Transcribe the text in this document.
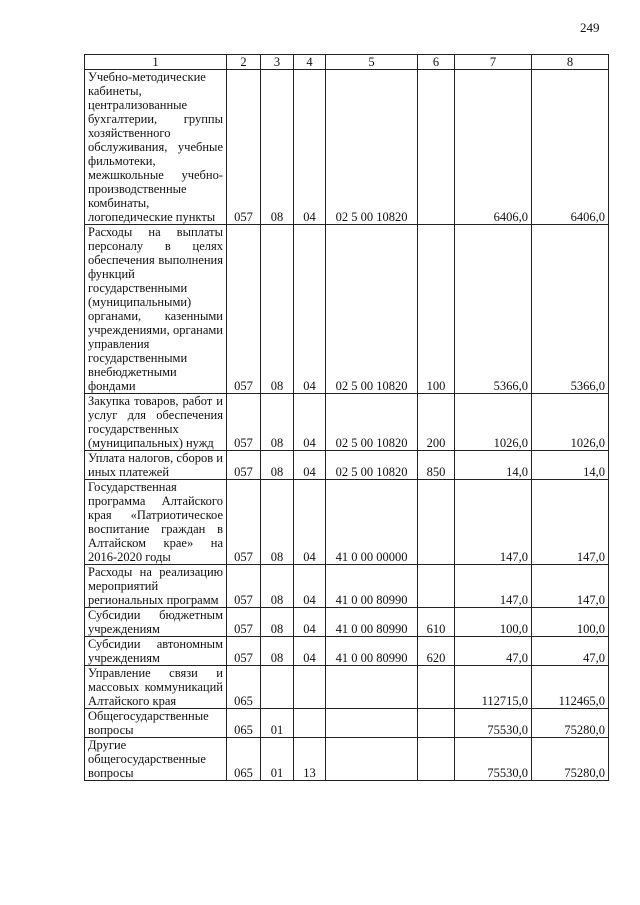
249
1	2	3	4	5	6	7	8
Учебно-методические кабинеты, централизованные бухгалтерии, группы хозяйственного обслуживания, учебные фильмотеки, межшкольные учебно-производственные комбинаты, логопедические пункты	057	08	04	02 5 00 10820		6406,0	6406,0
Расходы на выплаты персоналу в целях обеспечения выполнения функций государственными (муниципальными) органами, казенными учреждениями, органами управления государственными внебюджетными фондами	057	08	04	02 5 00 10820	100	5366,0	5366,0
Закупка товаров, работ и услуг для обеспечения государственных (муниципальных) нужд	057	08	04	02 5 00 10820	200	1026,0	1026,0
Уплата налогов, сборов и иных платежей	057	08	04	02 5 00 10820	850	14,0	14,0
Государственная программа Алтайского края «Патриотическое воспитание граждан в Алтайском крае» на 2016-2020 годы	057	08	04	41 0 00 00000		147,0	147,0
Расходы на реализацию мероприятий региональных программ	057	08	04	41 0 00 80990		147,0	147,0
Субсидии бюджетным учреждениям	057	08	04	41 0 00 80990	610	100,0	100,0
Субсидии автономным учреждениям	057	08	04	41 0 00 80990	620	47,0	47,0
Управление связи и массовых коммуникаций Алтайского края	065					112715,0	112465,0
Общегосударственные вопросы	065	01				75530,0	75280,0
Другие общегосударственные вопросы	065	01	13			75530,0	75280,0
